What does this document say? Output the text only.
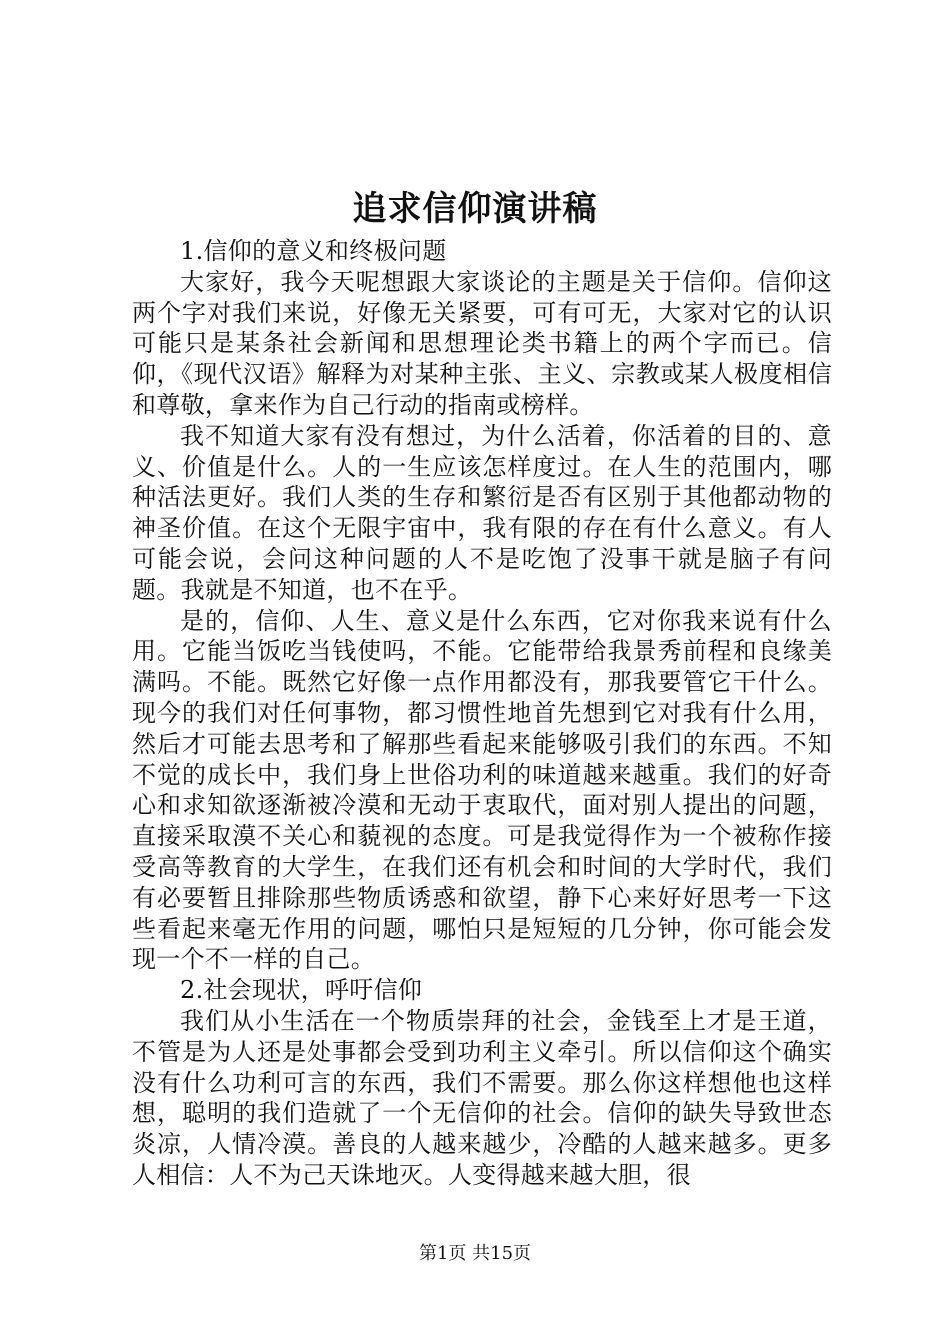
追求信仰演讲稿

1.信仰的意义和终极问题

大家好，我今天呢想跟大家谈论的主题是关于信仰。信仰这两个字对我们来说，好像无关紧要，可有可无，大家对它的认识可能只是某条社会新闻和思想理论类书籍上的两个字而已。信仰，《现代汉语》解释为对某种主张、主义、宗教或某人极度相信和尊敬，拿来作为自己行动的指南或榜样。

我不知道大家有没有想过，为什么活着，你活着的目的、意义、价值是什么。人的一生应该怎样度过。在人生的范围内，哪种活法更好。我们人类的生存和繁衍是否有区别于其他都动物的神圣价值。在这个无限宇宙中，我有限的存在有什么意义。有人可能会说，会问这种问题的人不是吃饱了没事干就是脑子有问题。我就是不知道，也不在乎。

是的，信仰、人生、意义是什么东西，它对你我来说有什么用。它能当饭吃当钱使吗，不能。它能带给我景秀前程和良缘美满吗。不能。既然它好像一点作用都没有，那我要管它干什么。现今的我们对任何事物，都习惯性地首先想到它对我有什么用，然后才可能去思考和了解那些看起来能够吸引我们的东西。不知不觉的成长中，我们身上世俗功利的味道越来越重。我们的好奇心和求知欲逐渐被冷漠和无动于衷取代，面对别人提出的问题，直接采取漠不关心和藐视的态度。可是我觉得作为一个被称作接受高等教育的大学生，在我们还有机会和时间的大学时代，我们有必要暂且排除那些物质诱惑和欲望，静下心来好好思考一下这些看起来毫无作用的问题，哪怕只是短短的几分钟，你可能会发现一个不一样的自己。

2.社会现状，呼吁信仰

我们从小生活在一个物质崇拜的社会，金钱至上才是王道，不管是为人还是处事都会受到功利主义牵引。所以信仰这个确实没有什么功利可言的东西，我们不需要。那么你这样想他也这样想，聪明的我们造就了一个无信仰的社会。信仰的缺失导致世态炎凉，人情冷漠。善良的人越来越少，冷酷的人越来越多。更多人相信：人不为己天诛地灭。人变得越来越大胆，很

第1页 共15页
